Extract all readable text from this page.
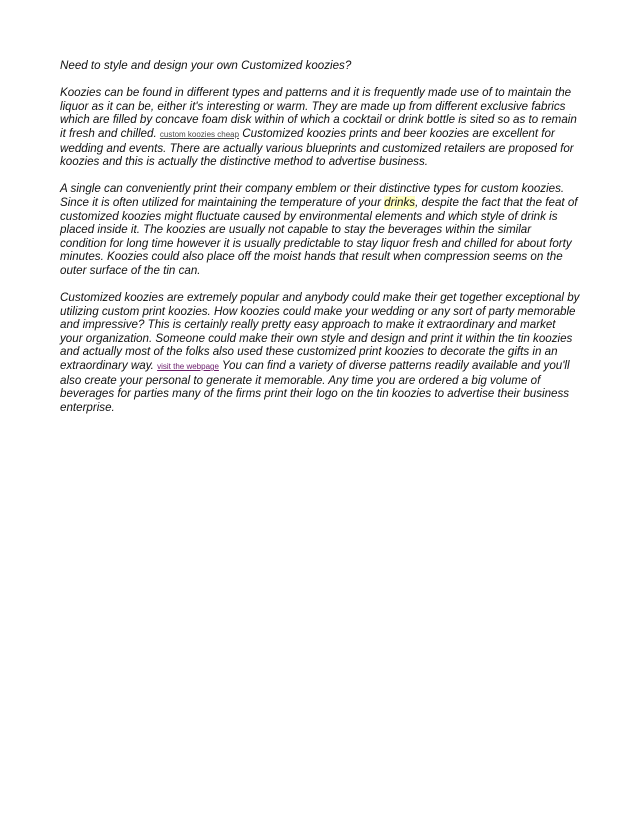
Need to style and design your own Customized koozies?

Koozies can be found in different types and patterns and it is frequently made use of to maintain the liquor as it can be, either it's interesting or warm. They are made up from different exclusive fabrics which are filled by concave foam disk within of which a cocktail or drink bottle is sited so as to remain it fresh and chilled. custom koozies cheap Customized koozies prints and beer koozies are excellent for wedding and events. There are actually various blueprints and customized retailers are proposed for koozies and this is actually the distinctive method to advertise business.

A single can conveniently print their company emblem or their distinctive types for custom koozies. Since it is often utilized for maintaining the temperature of your drinks, despite the fact that the feat of customized koozies might fluctuate caused by environmental elements and which style of drink is placed inside it. The koozies are usually not capable to stay the beverages within the similar condition for long time however it is usually predictable to stay liquor fresh and chilled for about forty minutes. Koozies could also place off the moist hands that result when compression seems on the outer surface of the tin can.

Customized koozies are extremely popular and anybody could make their get together exceptional by utilizing custom print koozies. How koozies could make your wedding or any sort of party memorable and impressive? This is certainly really pretty easy approach to make it extraordinary and market your organization. Someone could make their own style and design and print it within the tin koozies and actually most of the folks also used these customized print koozies to decorate the gifts in an extraordinary way. visit the webpage You can find a variety of diverse patterns readily available and you'll also create your personal to generate it memorable. Any time you are ordered a big volume of beverages for parties many of the firms print their logo on the tin koozies to advertise their business enterprise.
